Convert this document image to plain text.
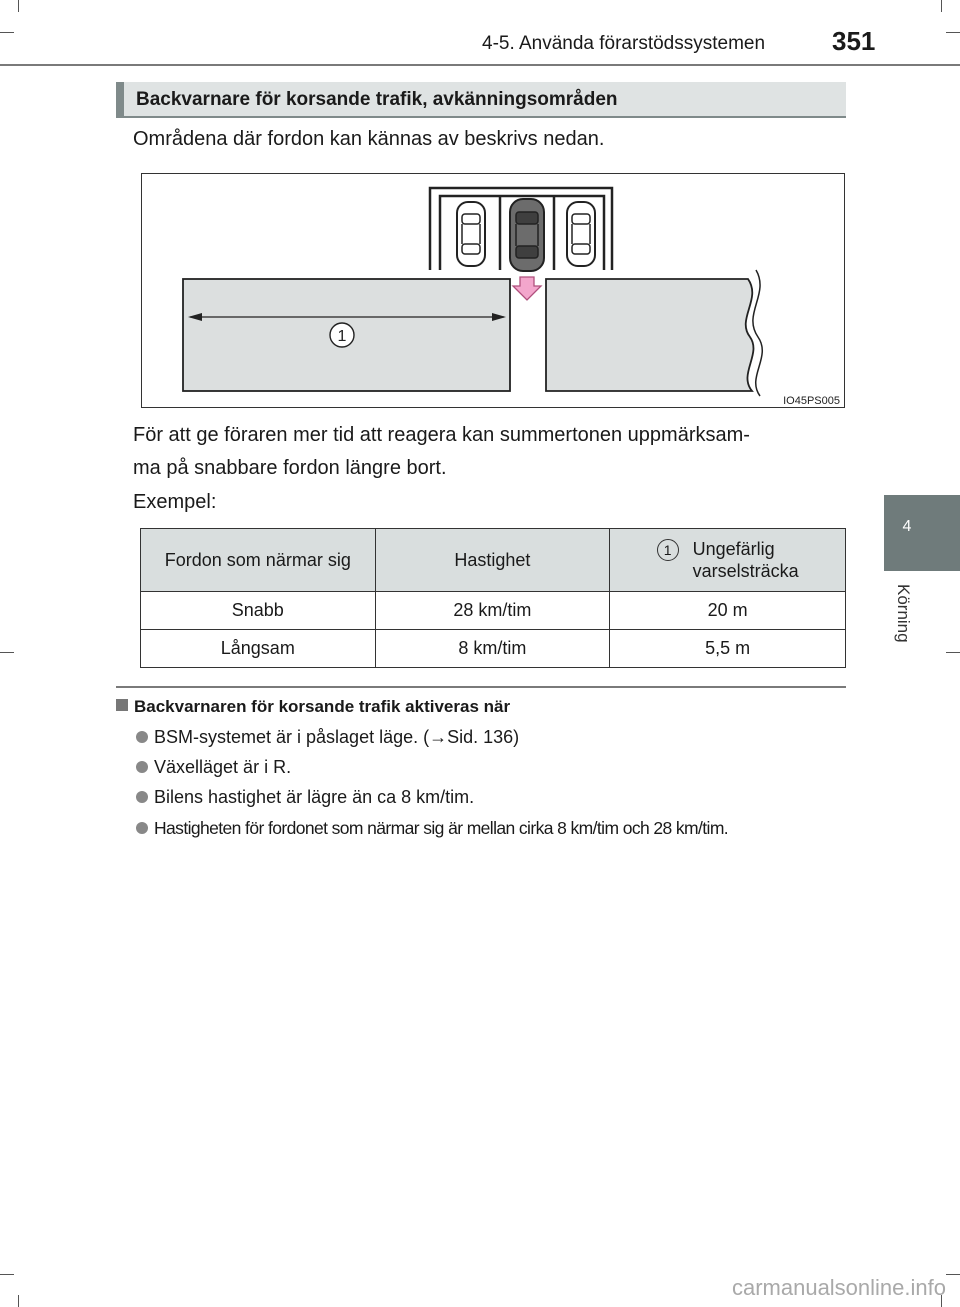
4-5. Använda förarstödssystemen	351
4
Körning
Backvarnare för korsande trafik, avkänningsområden
Områdena där fordon kan kännas av beskrivs nedan.
1
IO45PS005
För att ge föraren mer tid att reagera kan summertonen uppmärksam-
ma på snabbare fordon längre bort.
Exempel:
Fordon som närmar sig	Hastighet	1 Ungefärlig
varselsträcka

Snabb	28 km/tim	20 m
Långsam	8 km/tim	5,5 m
Backvarnaren för korsande trafik aktiveras när
BSM-systemet är i påslaget läge. (→Sid. 136)
Växelläget är i R.
Bilens hastighet är lägre än ca 8 km/tim.
Hastigheten för fordonet som närmar sig är mellan cirka 8 km/tim och 28 km/tim.
carmanualsonline.info
